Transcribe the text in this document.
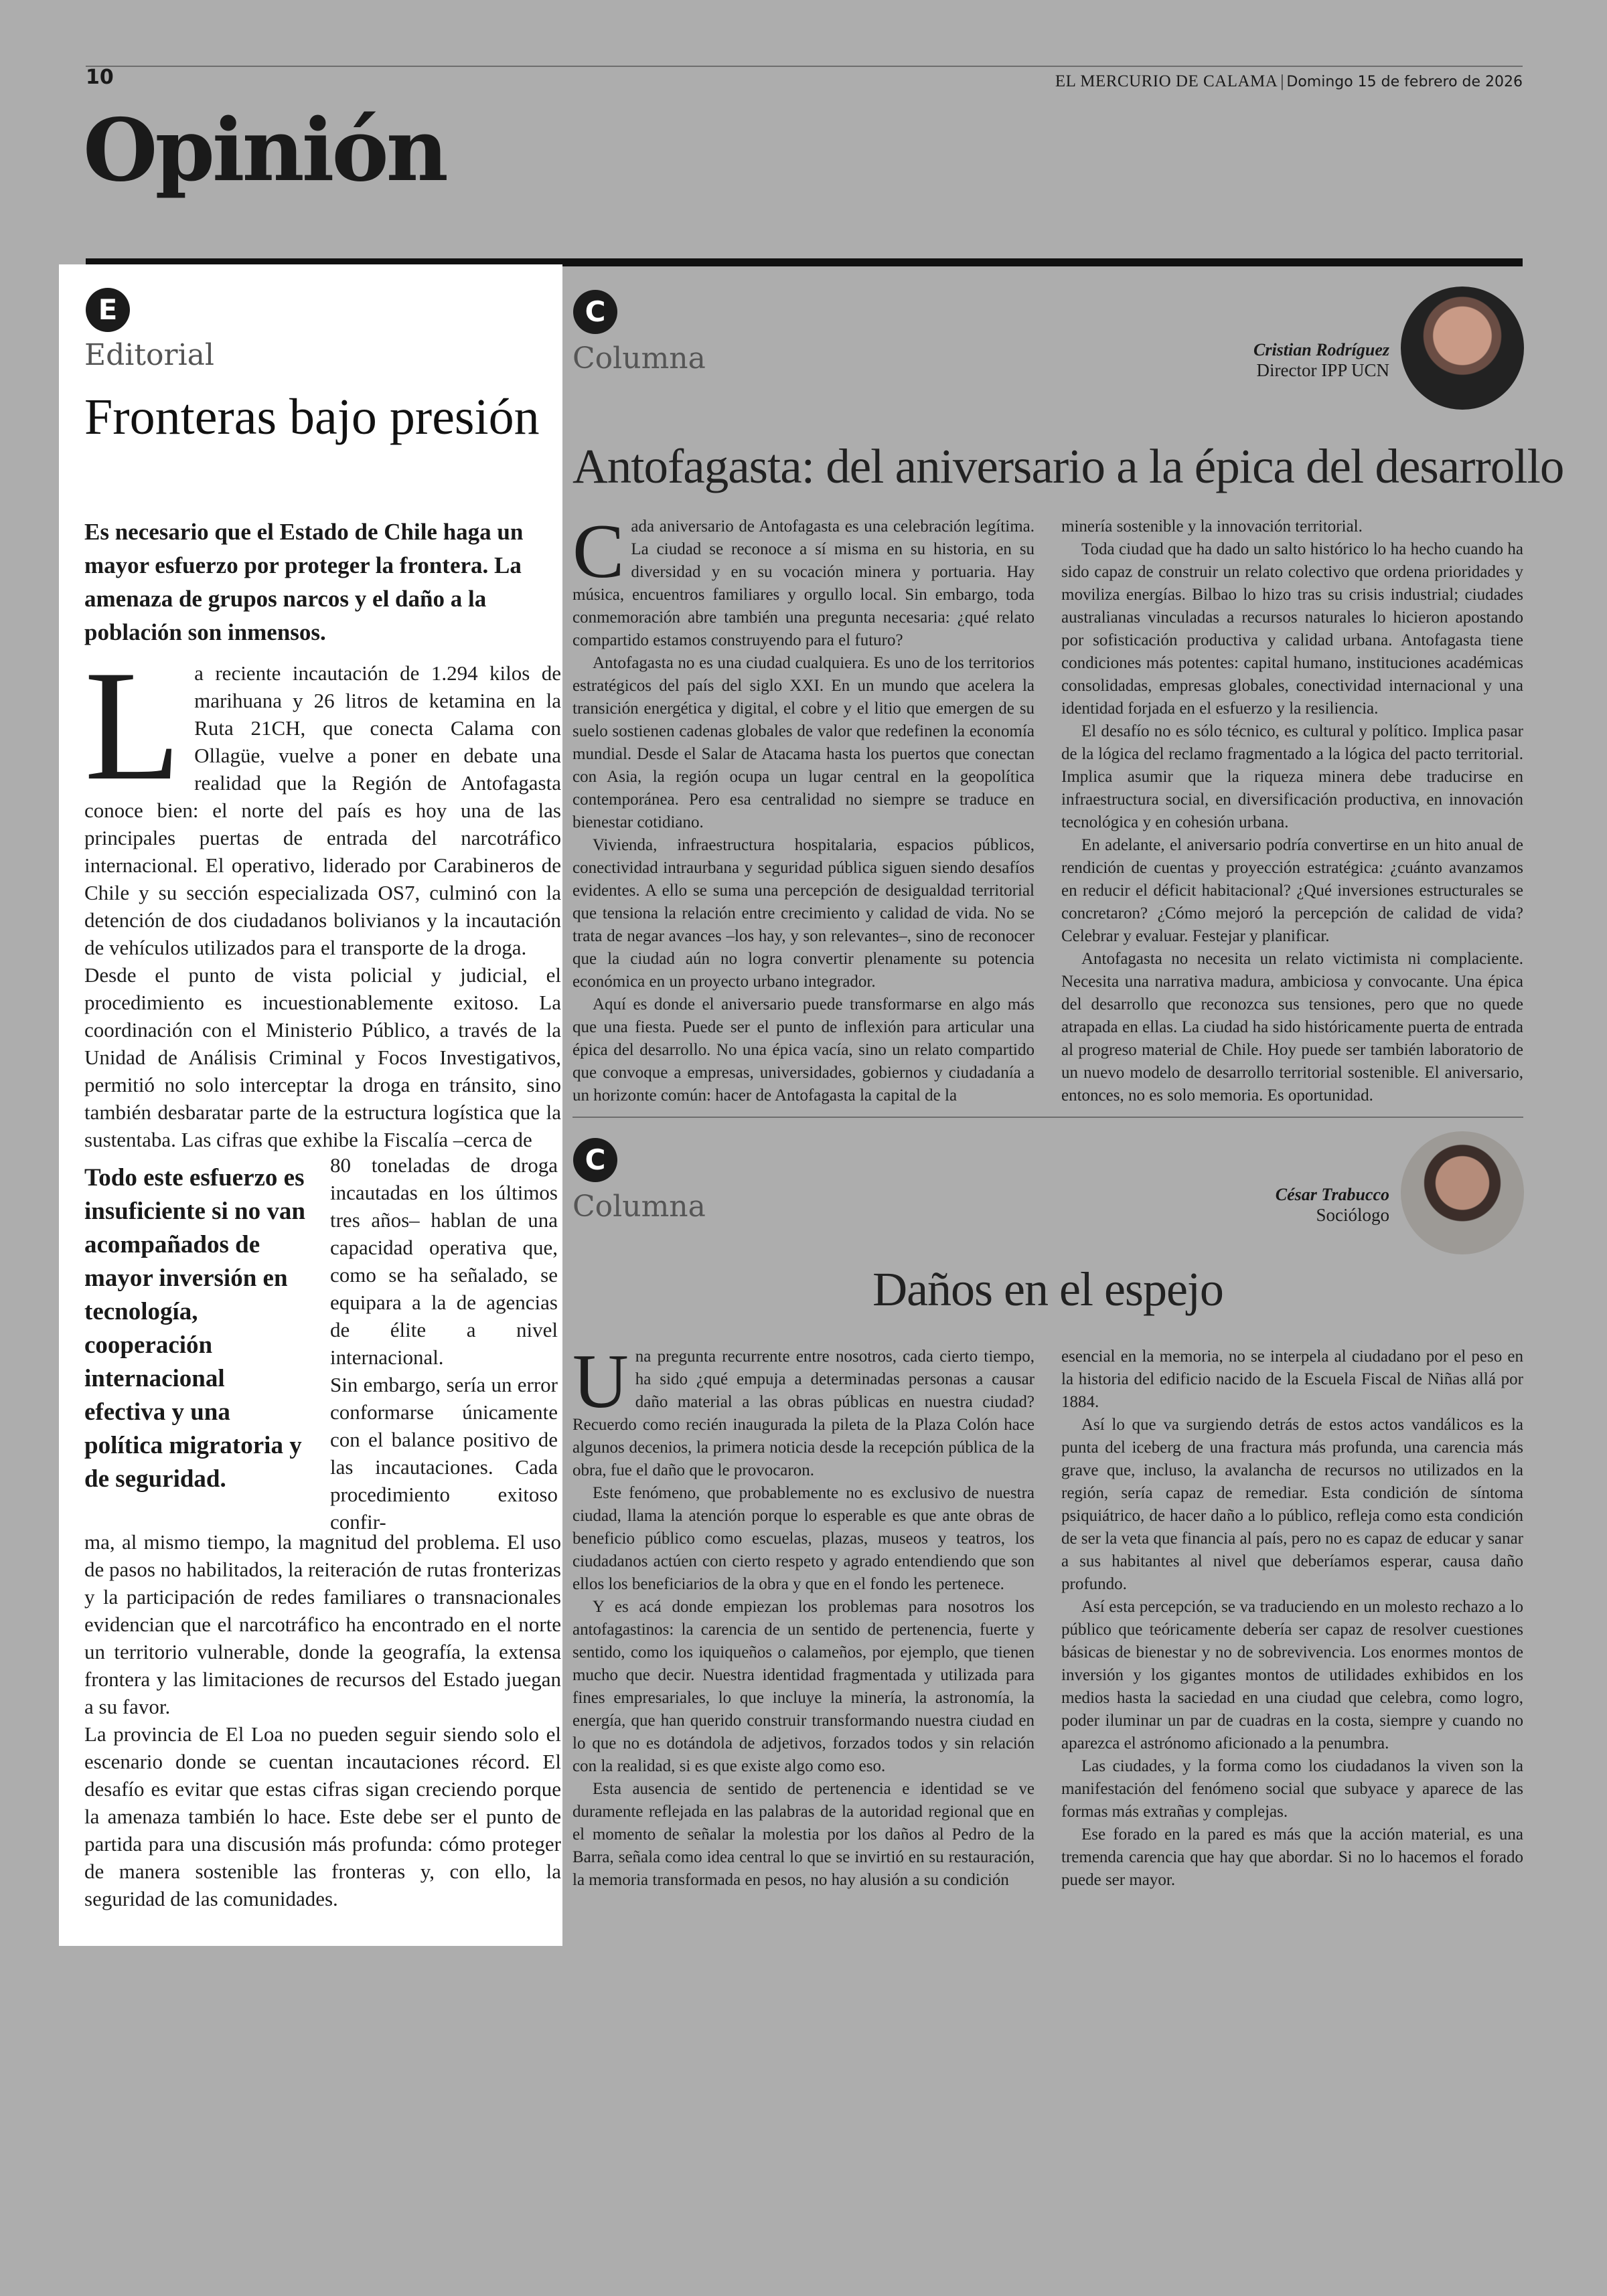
10	EL MERCURIO DE CALAMA | Domingo 15 de febrero de 2026
Opinión
E
Editorial
Fronteras bajo presión
Es necesario que el Estado de Chile haga un mayor esfuerzo por proteger la frontera. La amenaza de grupos narcos y el daño a la población son inmensos.
L a reciente incautación de 1.294 kilos de marihuana y 26 litros de ketamina en la Ruta 21CH, que conecta Calama con Ollagüe, vuelve a poner en debate una realidad que la Región de Antofagasta conoce bien: el norte del país es hoy una de las principales puertas de entrada del narcotráfico internacional. El operativo, liderado por Carabineros de Chile y su sección especializada OS7, culminó con la detención de dos ciudadanos bolivianos y la incautación de vehículos utilizados para el transporte de la droga.
Desde el punto de vista policial y judicial, el procedimiento es incuestionablemente exitoso. La coordinación con el Ministerio Público, a través de la Unidad de Análisis Criminal y Focos Investigativos, permitió no solo interceptar la droga en tránsito, sino también desbaratar parte de la estructura logística que la sustentaba. Las cifras que exhibe la Fiscalía –cerca de
Todo este esfuerzo es insuficiente si no van acompañados de mayor inversión en tecnología, cooperación internacional efectiva y una política migratoria y de seguridad.
80 toneladas de droga incautadas en los últimos tres años– hablan de una capacidad operativa que, como se ha señalado, se equipara a la de agencias de élite a nivel internacional.
Sin embargo, sería un error conformarse únicamente con el balance positivo de las incautaciones. Cada procedimiento exitoso confir-
ma, al mismo tiempo, la magnitud del problema. El uso de pasos no habilitados, la reiteración de rutas fronterizas y la participación de redes familiares o transnacionales evidencian que el narcotráfico ha encontrado en el norte un territorio vulnerable, donde la geografía, la extensa frontera y las limitaciones de recursos del Estado juegan a su favor.
La provincia de El Loa no pueden seguir siendo solo el escenario donde se cuentan incautaciones récord. El desafío es evitar que estas cifras sigan creciendo porque la amenaza también lo hace. Este debe ser el punto de partida para una discusión más profunda: cómo proteger de manera sostenible las fronteras y, con ello, la seguridad de las comunidades.
C
Columna	Cristian Rodríguez
Director IPP UCN
Antofagasta: del aniversario a la épica del desarrollo
C ada aniversario de Antofagasta es una celebración legítima. La ciudad se reconoce a sí misma en su historia, en su diversidad y en su vocación minera y portuaria. Hay música, encuentros familiares y orgullo local. Sin embargo, toda conmemoración abre también una pregunta necesaria: ¿qué relato compartido estamos construyendo para el futuro?

Antofagasta no es una ciudad cualquiera. Es uno de los territorios estratégicos del país del siglo XXI. En un mundo que acelera la transición energética y digital, el cobre y el litio que emergen de su suelo sostienen cadenas globales de valor que redefinen la economía mundial. Desde el Salar de Atacama hasta los puertos que conectan con Asia, la región ocupa un lugar central en la geopolítica contemporánea. Pero esa centralidad no siempre se traduce en bienestar cotidiano.

Vivienda, infraestructura hospitalaria, espacios públicos, conectividad intraurbana y seguridad pública siguen siendo desafíos evidentes. A ello se suma una percepción de desigualdad territorial que tensiona la relación entre crecimiento y calidad de vida. No se trata de negar avances –los hay, y son relevantes–, sino de reconocer que la ciudad aún no logra convertir plenamente su potencia económica en un proyecto urbano integrador.

Aquí es donde el aniversario puede transformarse en algo más que una fiesta. Puede ser el punto de inflexión para articular una épica del desarrollo. No una épica vacía, sino un relato compartido que convoque a empresas, universidades, gobiernos y ciudadanía a un horizonte común: hacer de Antofagasta la capital de la

minería sostenible y la innovación territorial.

Toda ciudad que ha dado un salto histórico lo ha hecho cuando ha sido capaz de construir un relato colectivo que ordena prioridades y moviliza energías. Bilbao lo hizo tras su crisis industrial; ciudades australianas vinculadas a recursos naturales lo hicieron apostando por sofisticación productiva y calidad urbana. Antofagasta tiene condiciones más potentes: capital humano, instituciones académicas consolidadas, empresas globales, conectividad internacional y una identidad forjada en el esfuerzo y la resiliencia.

El desafío no es sólo técnico, es cultural y político. Implica pasar de la lógica del reclamo fragmentado a la lógica del pacto territorial. Implica asumir que la riqueza minera debe traducirse en infraestructura social, en diversificación productiva, en innovación tecnológica y en cohesión urbana.

En adelante, el aniversario podría convertirse en un hito anual de rendición de cuentas y proyección estratégica: ¿cuánto avanzamos en reducir el déficit habitacional? ¿Qué inversiones estructurales se concretaron? ¿Cómo mejoró la percepción de calidad de vida? Celebrar y evaluar. Festejar y planificar.

Antofagasta no necesita un relato victimista ni complaciente. Necesita una narrativa madura, ambiciosa y convocante. Una épica del desarrollo que reconozca sus tensiones, pero que no quede atrapada en ellas. La ciudad ha sido históricamente puerta de entrada al progreso material de Chile. Hoy puede ser también laboratorio de un nuevo modelo de desarrollo territorial sostenible. El aniversario, entonces, no es solo memoria. Es oportunidad.

C
Columna	César Trabucco
Sociólogo
Daños en el espejo
U na pregunta recurrente entre nosotros, cada cierto tiempo, ha sido ¿qué empuja a determinadas personas a causar daño material a las obras públicas en nuestra ciudad? Recuerdo como recién inaugurada la pileta de la Plaza Colón hace algunos decenios, la primera noticia desde la recepción pública de la obra, fue el daño que le provocaron.

Este fenómeno, que probablemente no es exclusivo de nuestra ciudad, llama la atención porque lo esperable es que ante obras de beneficio público como escuelas, plazas, museos y teatros, los ciudadanos actúen con cierto respeto y agrado entendiendo que son ellos los beneficiarios de la obra y que en el fondo les pertenece.

Y es acá donde empiezan los problemas para nosotros los antofagastinos: la carencia de un sentido de pertenencia, fuerte y sentido, como los iquiqueños o calameños, por ejemplo, que tienen mucho que decir. Nuestra identidad fragmentada y utilizada para fines empresariales, lo que incluye la minería, la astronomía, la energía, que han querido construir transformando nuestra ciudad en lo que no es dotándola de adjetivos, forzados todos y sin relación con la realidad, si es que existe algo como eso.

Esta ausencia de sentido de pertenencia e identidad se ve duramente reflejada en las palabras de la autoridad regional que en el momento de señalar la molestia por los daños al Pedro de la Barra, señala como idea central lo que se invirtió en su restauración, la memoria transformada en pesos, no hay alusión a su condición

esencial en la memoria, no se interpela al ciudadano por el peso en la historia del edificio nacido de la Escuela Fiscal de Niñas allá por 1884.

Así lo que va surgiendo detrás de estos actos vandálicos es la punta del iceberg de una fractura más profunda, una carencia más grave que, incluso, la avalancha de recursos no utilizados en la región, sería capaz de remediar. Esta condición de síntoma psiquiátrico, de hacer daño a lo público, refleja como esta condición de ser la veta que financia al país, pero no es capaz de educar y sanar a sus habitantes al nivel que deberíamos esperar, causa daño profundo.

Así esta percepción, se va traduciendo en un molesto rechazo a lo público que teóricamente debería ser capaz de resolver cuestiones básicas de bienestar y no de sobrevivencia. Los enormes montos de inversión y los gigantes montos de utilidades exhibidos en los medios hasta la saciedad en una ciudad que celebra, como logro, poder iluminar un par de cuadras en la costa, siempre y cuando no aparezca el astrónomo aficionado a la penumbra.

Las ciudades, y la forma como los ciudadanos la viven son la manifestación del fenómeno social que subyace y aparece de las formas más extrañas y complejas.

Ese forado en la pared es más que la acción material, es una tremenda carencia que hay que abordar. Si no lo hacemos el forado puede ser mayor.
